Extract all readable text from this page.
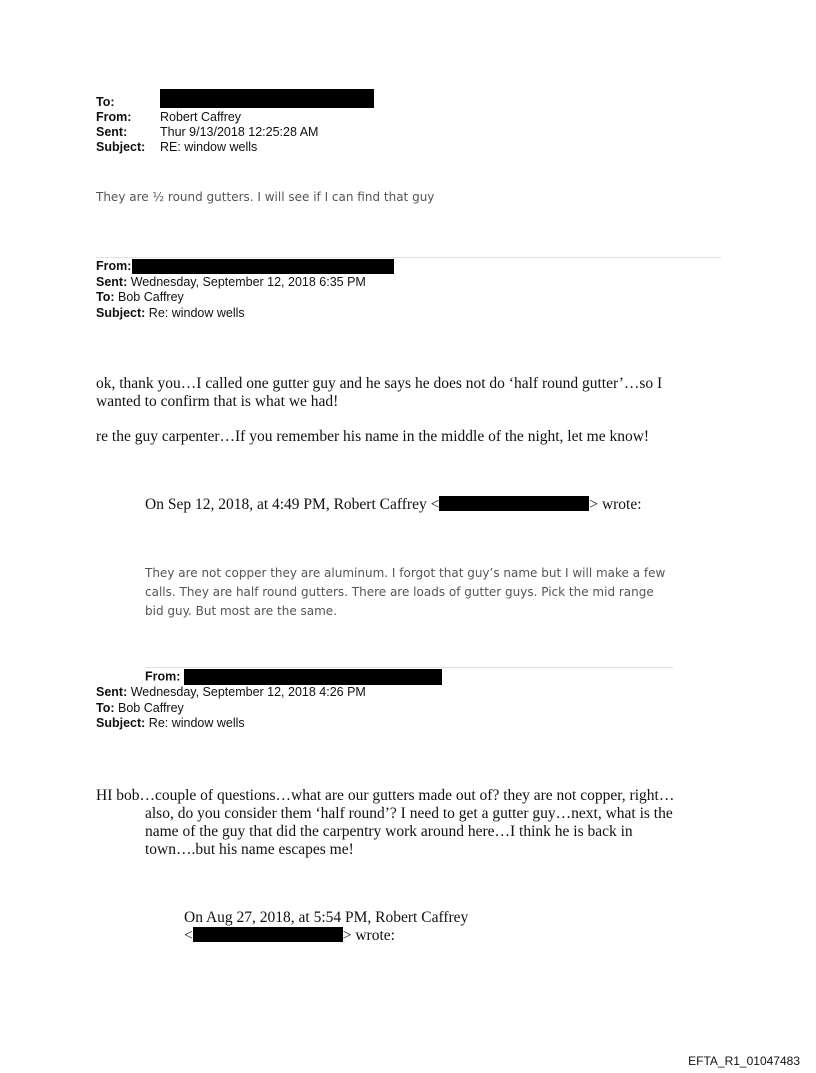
To:
From: Robert Caffrey
Sent:	Thur 9/13/2018 12:25:28 AM
Subject: RE: window wells
They are ½ round gutters. I will see if I can find that guy
From:
Sent: Wednesday, September 12, 2018 6:35 PM
To: Bob Caffrey
Subject: Re: window wells
ok, thank you…I called one gutter guy and he says he does not do ‘half round gutter’…so I wanted to confirm that is what we had!
re the guy carpenter…If you remember his name in the middle of the night, let me know!
On Sep 12, 2018, at 4:49 PM, Robert Caffrey <	> wrote:
They are not copper they are aluminum. I forgot that guy’s name but I will make a few calls. They are half round gutters. There are loads of gutter guys. Pick the mid range bid guy. But most are the same.
From:
Sent: Wednesday, September 12, 2018 4:26 PM
To: Bob Caffrey
Subject: Re: window wells
HI bob…couple of questions…what are our gutters made out of? they are not copper, right…also, do you consider them ‘half round’? I need to get a gutter guy…next, what is the name of the guy that did the carpentry work around here…I think he is back in town….but his name escapes me!
On Aug 27, 2018, at 5:54 PM, Robert Caffrey
<	> wrote:
EFTA_R1_01047483
